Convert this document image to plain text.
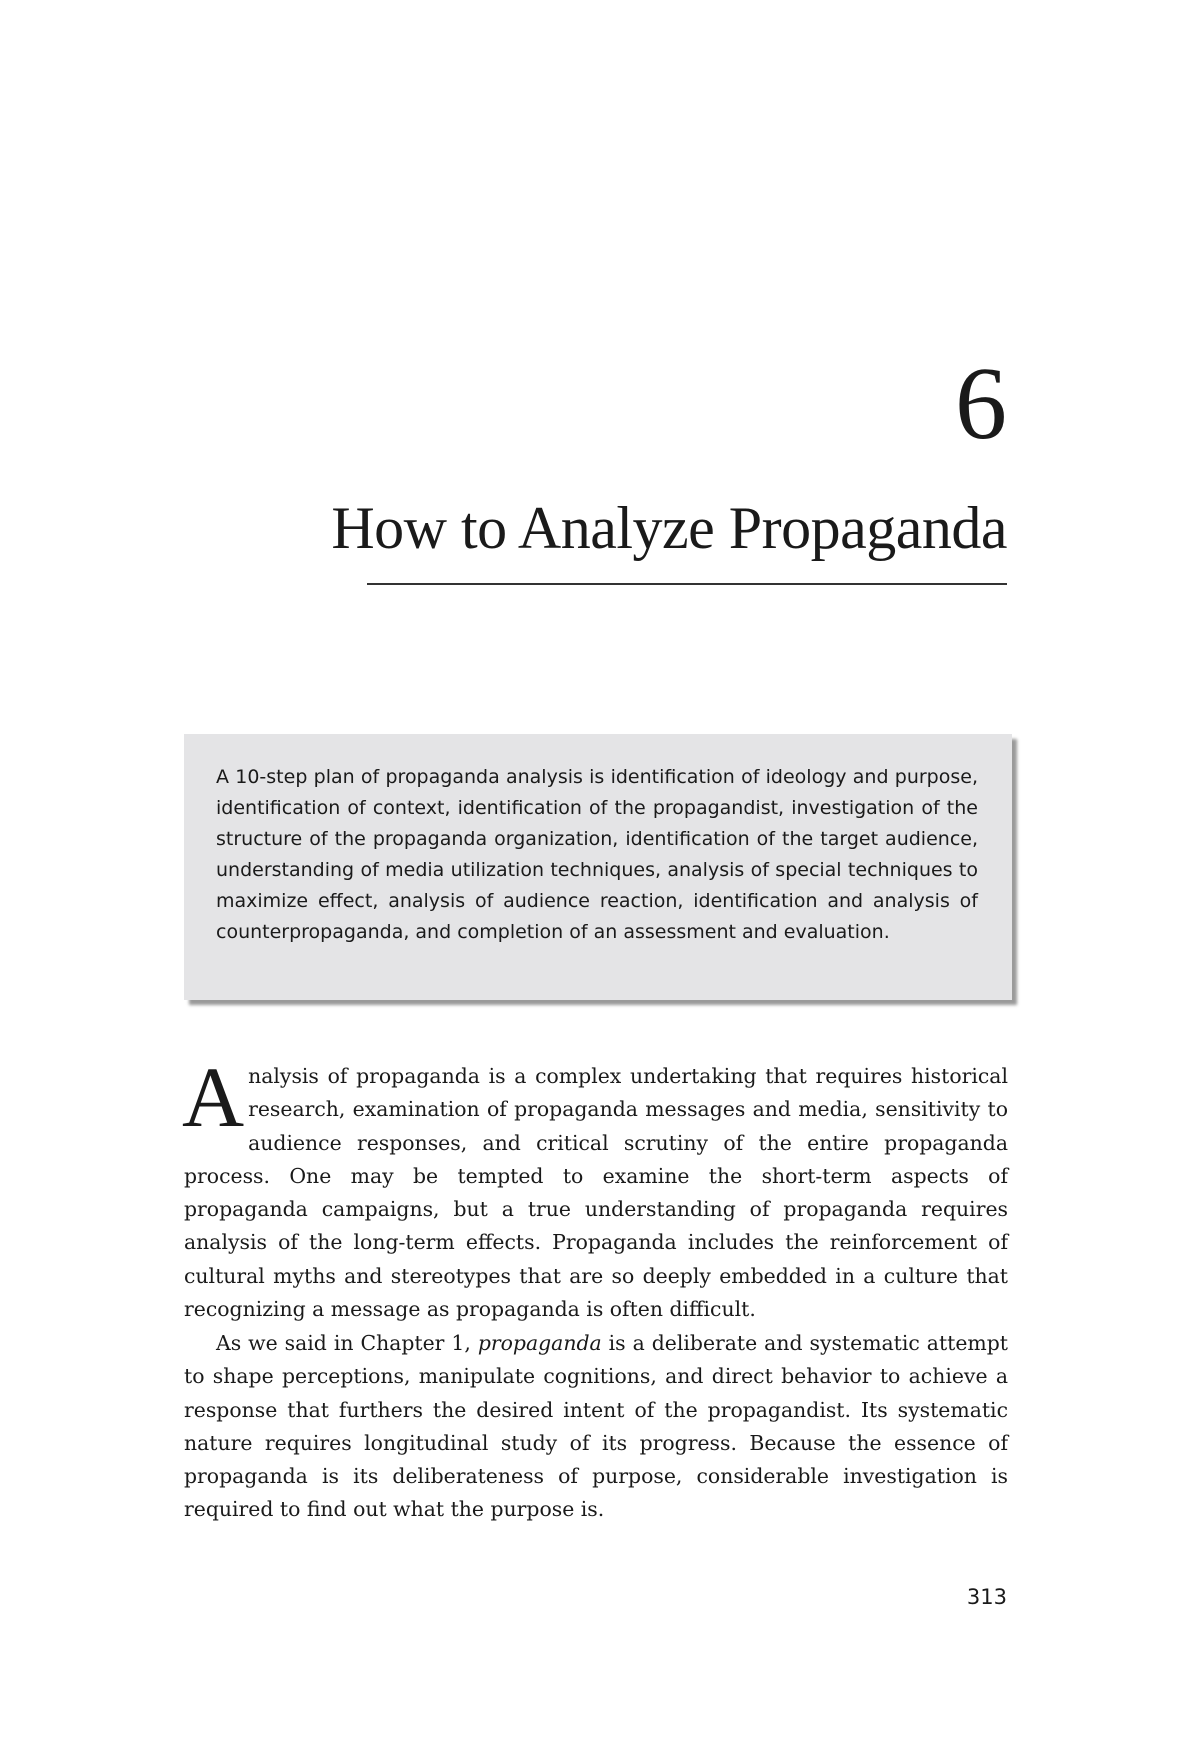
6
How to Analyze Propaganda

A 10-step plan of propaganda analysis is identification of ideology and purpose, identification of context, identification of the propagandist, investigation of the structure of the propaganda organization, identification of the target audience, understanding of media utilization techniques, analysis of special techniques to maximize effect, analysis of audience reaction, identification and analysis of counterpropaganda, and completion of an assessment and evaluation.

Analysis of propaganda is a complex undertaking that requires historical research, examination of propaganda messages and media, sensitivity to audience responses, and critical scrutiny of the entire propaganda process. One may be tempted to examine the short-term aspects of propaganda campaigns, but a true understanding of propaganda requires analysis of the long-term effects. Propaganda includes the reinforcement of cultural myths and stereotypes that are so deeply embedded in a culture that recognizing a message as propaganda is often difficult.

As we said in Chapter 1, propaganda is a deliberate and systematic attempt to shape perceptions, manipulate cognitions, and direct behavior to achieve a response that furthers the desired intent of the propagandist. Its systematic nature requires longitudinal study of its progress. Because the essence of propaganda is its deliberateness of purpose, considerable investigation is required to find out what the purpose is.

313
